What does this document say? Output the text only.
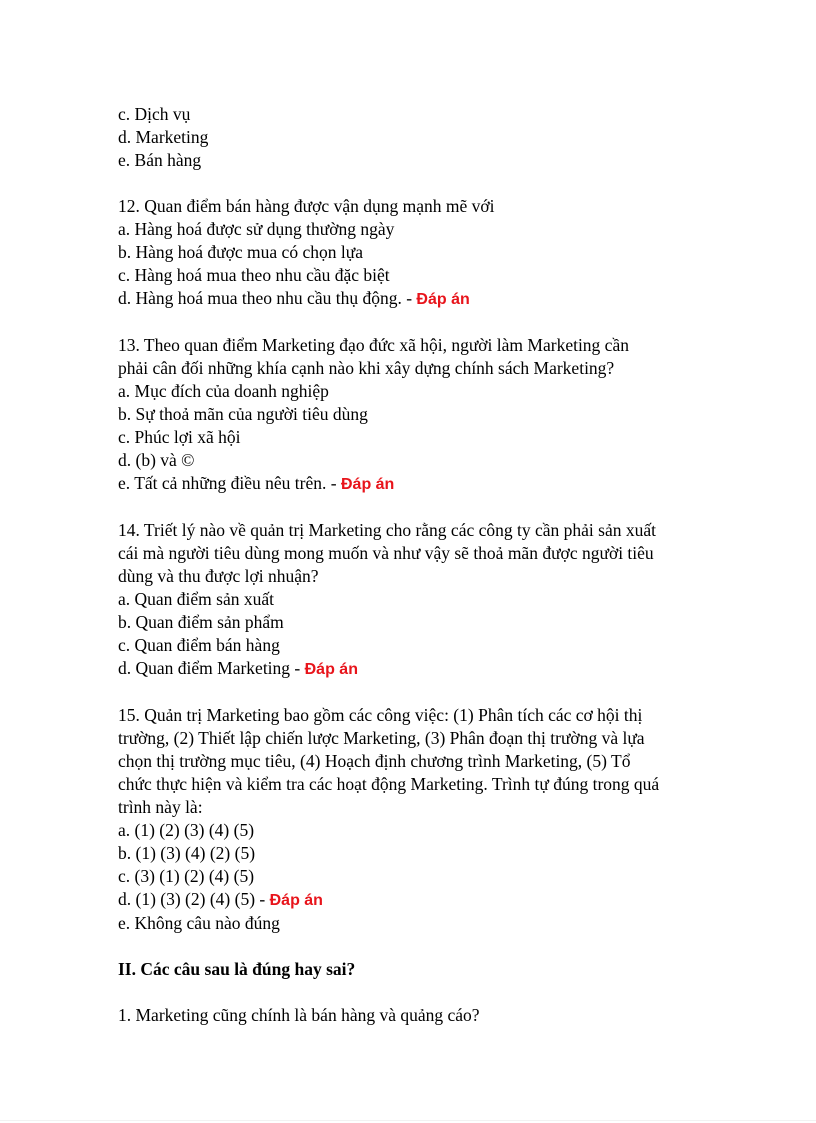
c. Dịch vụ

d. Marketing

e. Bán hàng

12. Quan điểm bán hàng được vận dụng mạnh mẽ với

a. Hàng hoá được sử dụng thường ngày

b. Hàng hoá được mua có chọn lựa

c. Hàng hoá mua theo nhu cầu đặc biệt

d. Hàng hoá mua theo nhu cầu thụ động. - Đáp án

13. Theo quan điểm Marketing đạo đức xã hội, người làm Marketing cần

phải cân đối những khía cạnh nào khi xây dựng chính sách Marketing?

a. Mục đích của doanh nghiệp

b. Sự thoả mãn của người tiêu dùng

c. Phúc lợi xã hội

d. (b) và ©

e. Tất cả những điều nêu trên. - Đáp án

14. Triết lý nào về quản trị Marketing cho rằng các công ty cần phải sản xuất

cái mà người tiêu dùng mong muốn và như vậy sẽ thoả mãn được người tiêu

dùng và thu được lợi nhuận?

a. Quan điểm sản xuất

b. Quan điểm sản phẩm

c. Quan điểm bán hàng

d. Quan điểm Marketing - Đáp án

15. Quản trị Marketing bao gồm các công việc: (1) Phân tích các cơ hội thị

trường, (2) Thiết lập chiến lược Marketing, (3) Phân đoạn thị trường và lựa

chọn thị trường mục tiêu, (4) Hoạch định chương trình Marketing, (5) Tổ

chức thực hiện và kiểm tra các hoạt động Marketing. Trình tự đúng trong quá

trình này là:

a. (1) (2) (3) (4) (5)

b. (1) (3) (4) (2) (5)

c. (3) (1) (2) (4) (5)

d. (1) (3) (2) (4) (5) - Đáp án

e. Không câu nào đúng

II. Các câu sau là đúng hay sai?

1. Marketing cũng chính là bán hàng và quảng cáo?
